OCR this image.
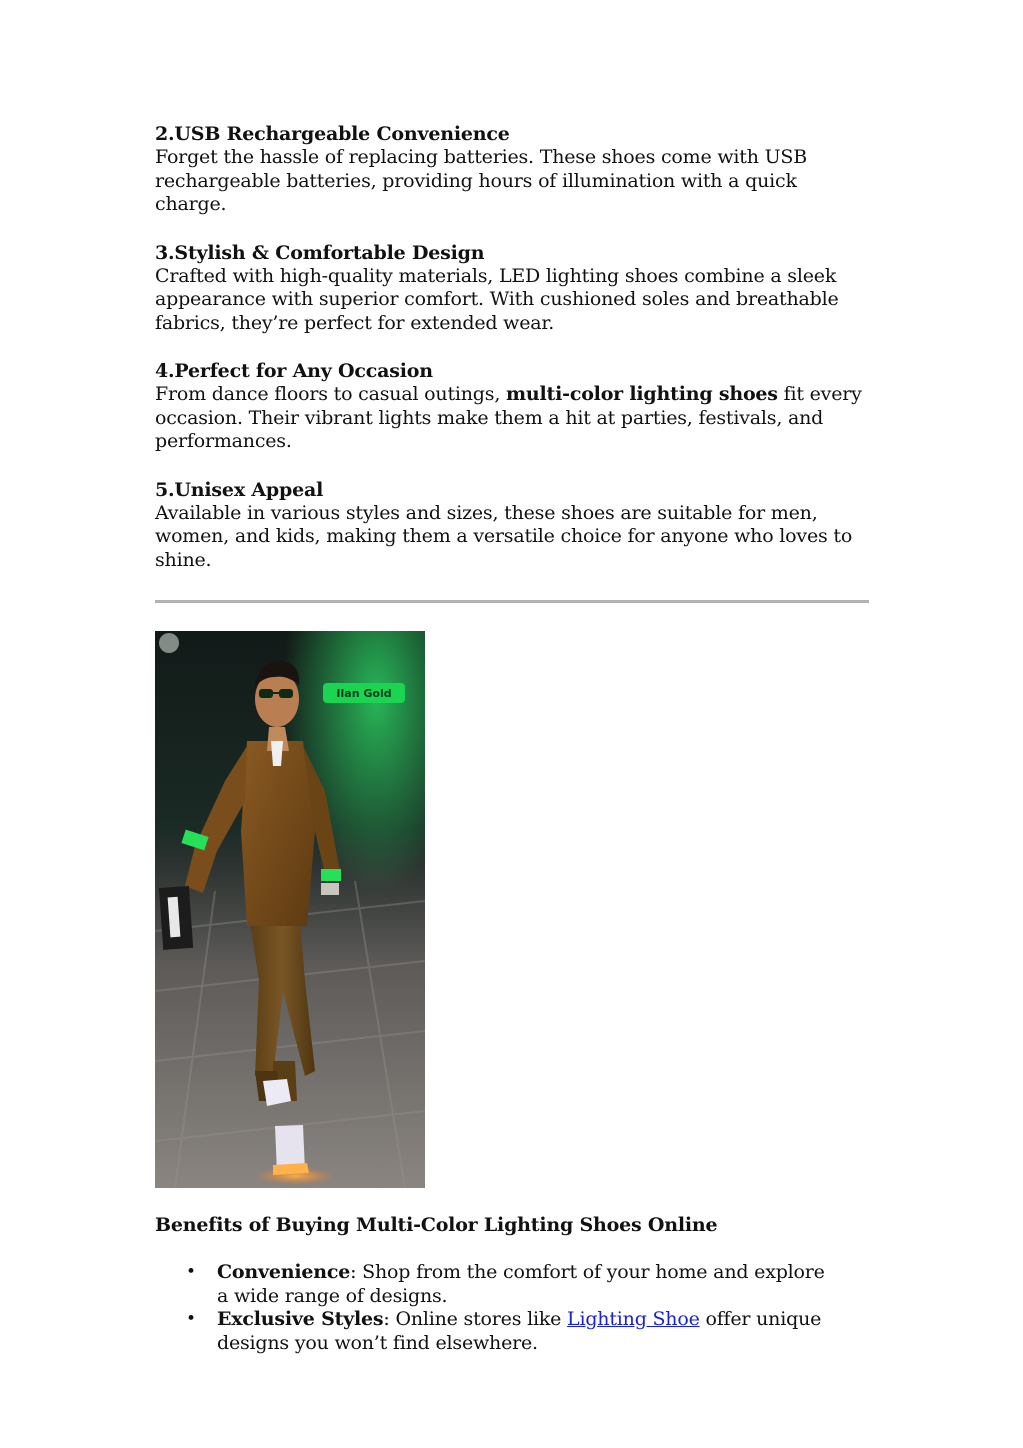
2.USB Rechargeable Convenience

Forget the hassle of replacing batteries. These shoes come with USB rechargeable batteries, providing hours of illumination with a quick charge.

3.Stylish & Comfortable Design

Crafted with high-quality materials, LED lighting shoes combine a sleek appearance with superior comfort. With cushioned soles and breathable fabrics, they’re perfect for extended wear.

4.Perfect for Any Occasion

From dance floors to casual outings, multi-color lighting shoes fit every occasion. Their vibrant lights make them a hit at parties, festivals, and performances.

5.Unisex Appeal

Available in various styles and sizes, these shoes are suitable for men, women, and kids, making them a versatile choice for anyone who loves to shine.

Ilan Gold
Benefits of Buying Multi-Color Lighting Shoes Online
• Convenience: Shop from the comfort of your home and explore a wide range of designs.
• Exclusive Styles: Online stores like Lighting Shoe offer unique designs you won’t find elsewhere.
